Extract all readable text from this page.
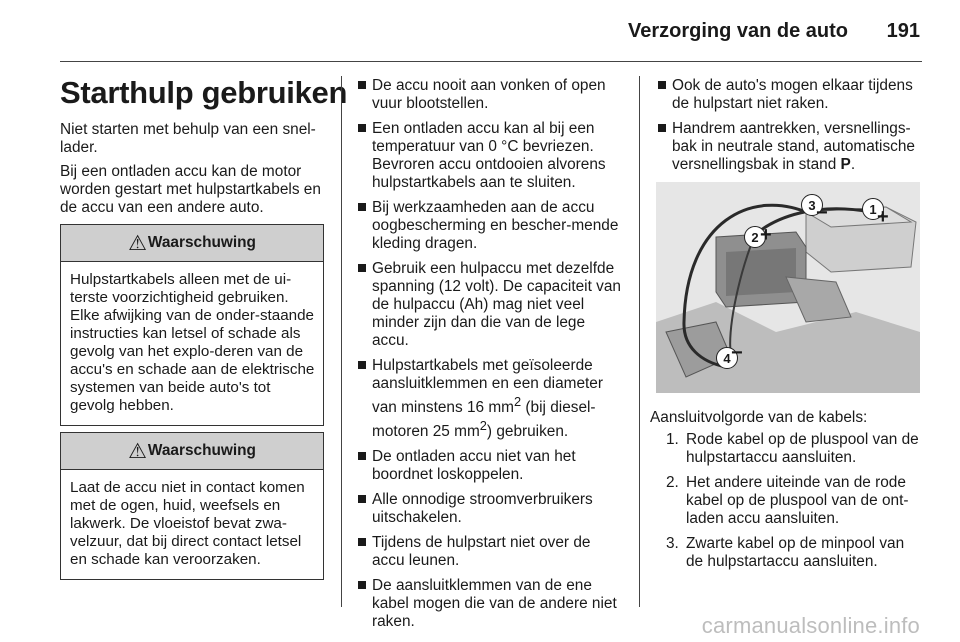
Verzorging van de auto 191
Starthulp gebruiken

Niet starten met behulp van een snel-lader.

Bij een ontladen accu kan de motor worden gestart met hulpstartkabels en de accu van een andere auto.

⚠ Waarschuwing
Hulpstartkabels alleen met de ui-terste voorzichtigheid gebruiken. Elke afwijking van de onder-staande instructies kan letsel of schade als gevolg van het explo-deren van de accu's en schade aan de elektrische systemen van beide auto's tot gevolg hebben.
⚠ Waarschuwing
Laat de accu niet in contact komen met de ogen, huid, weefsels en lakwerk. De vloeistof bevat zwa-velzuur, dat bij direct contact letsel en schade kan veroorzaken.
De accu nooit aan vonken of open vuur blootstellen.
Een ontladen accu kan al bij een temperatuur van 0 °C bevriezen. Bevroren accu ontdooien alvorens hulpstartkabels aan te sluiten.
Bij werkzaamheden aan de accu oogbescherming en bescher-mende kleding dragen.
Gebruik een hulpaccu met dezelfde spanning (12 volt). De capaciteit van de hulpaccu (Ah) mag niet veel minder zijn dan die van de lege accu.
Hulpstartkabels met geïsoleerde aansluitklemmen en een diameter van minstens 16 $mm^2$ (bij diesel-motoren 25 $mm^2$) gebruiken.
De ontladen accu niet van het boordnet loskoppelen.
Alle onnodige stroomverbruikers uitschakelen.
Tijdens de hulpstart niet over de accu leunen.
De aansluitklemmen van de ene kabel mogen die van de andere niet raken.
Ook de auto's mogen elkaar tijdens de hulpstart niet raken.
Handrem aantrekken, versnellings-bak in neutrale stand, automatische versnellingsbak in stand P.
3 −	1 +
2 +
4 −
Aansluitvolgorde van de kabels:
1. Rode kabel op de pluspool van de hulpstartaccu aansluiten.
2. Het andere uiteinde van de rode kabel op de pluspool van de ont-laden accu aansluiten.
3. Zwarte kabel op de minpool van de hulpstartaccu aansluiten.
carmanualsonline.info
